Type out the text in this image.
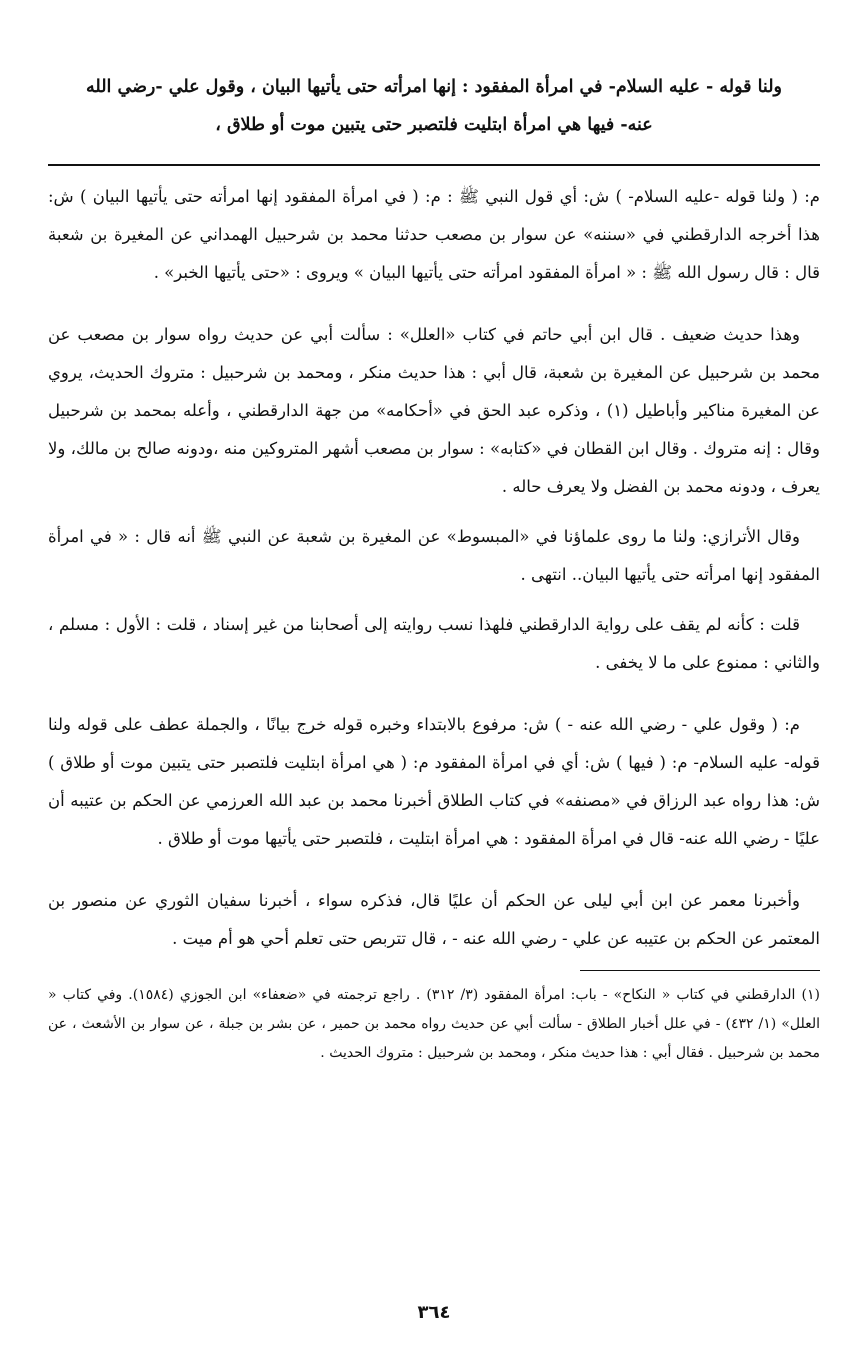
ولنا قوله - عليه السلام- في امرأة المفقود : إنها امرأته حتى يأتيها البيان ، وقول علي -رضي الله
عنه- فيها هي امرأة ابتليت فلتصبر حتى يتبين موت أو طلاق ،

م: ( ولنا قوله -عليه السلام- ) ش: أي قول النبي ﷺ : م: ( في امرأة المفقود إنها امرأته حتى يأتيها البيان ) ش: هذا أخرجه الدارقطني في «سننه» عن سوار بن مصعب حدثنا محمد بن شرحبيل الهمداني عن المغيرة بن شعبة قال : قال رسول الله ﷺ : « امرأة المفقود امرأته حتى يأتيها البيان » ويروى : «حتى يأتيها الخبر» .

وهذا حديث ضعيف . قال ابن أبي حاتم في كتاب «العلل» : سألت أبي عن حديث رواه سوار بن مصعب عن محمد بن شرحبيل عن المغيرة بن شعبة، قال أبي : هذا حديث منكر ، ومحمد بن شرحبيل : متروك الحديث، يروي عن المغيرة مناكير وأباطيل (١) ، وذكره عبد الحق في «أحكامه» من جهة الدارقطني ، وأعله بمحمد بن شرحبيل وقال : إنه متروك . وقال ابن القطان في «كتابه» : سوار بن مصعب أشهر المتروكين منه ،ودونه صالح بن مالك، ولا يعرف ، ودونه محمد بن الفضل ولا يعرف حاله .

وقال الأترازي: ولنا ما روى علماؤنا في «المبسوط» عن المغيرة بن شعبة عن النبي ﷺ أنه قال : « في امرأة المفقود إنها امرأته حتى يأتيها البيان.. انتهى .

قلت : كأنه لم يقف على رواية الدارقطني فلهذا نسب روايته إلى أصحابنا من غير إسناد ، قلت : الأول : مسلم ، والثاني : ممنوع على ما لا يخفى .

م: ( وقول علي - رضي الله عنه - ) ش: مرفوع بالابتداء وخبره قوله خرج بيانًا ، والجملة عطف على قوله ولنا قوله- عليه السلام- م: ( فيها ) ش: أي في امرأة المفقود م: ( هي امرأة ابتليت فلتصبر حتى يتبين موت أو طلاق ) ش: هذا رواه عبد الرزاق في «مصنفه» في كتاب الطلاق أخبرنا محمد بن عبد الله العرزمي عن الحكم بن عتيبه أن عليًا - رضي الله عنه- قال في امرأة المفقود : هي امرأة ابتليت ، فلتصبر حتى يأتيها موت أو طلاق .

وأخبرنا معمر عن ابن أبي ليلى عن الحكم أن عليًا قال، فذكره سواء ، أخبرنا سفيان الثوري عن منصور بن المعتمر عن الحكم بن عتيبه عن علي - رضي الله عنه - ، قال تتربص حتى تعلم أحي هو أم ميت .

(١) الدارقطني في كتاب « النكاح» - باب: امرأة المفقود (٣/ ٣١٢) . راجع ترجمته في «ضعفاء» ابن الجوزي (١٥٨٤). وفي كتاب « العلل» (١/ ٤٣٢) - في علل أخبار الطلاق - سألت أبي عن حديث رواه محمد بن حمير ، عن بشر بن جبلة ، عن سوار بن الأشعث ، عن محمد بن شرحبيل . فقال أبي : هذا حديث منكر ، ومحمد بن شرحبيل : متروك الحديث .

٣٦٤
